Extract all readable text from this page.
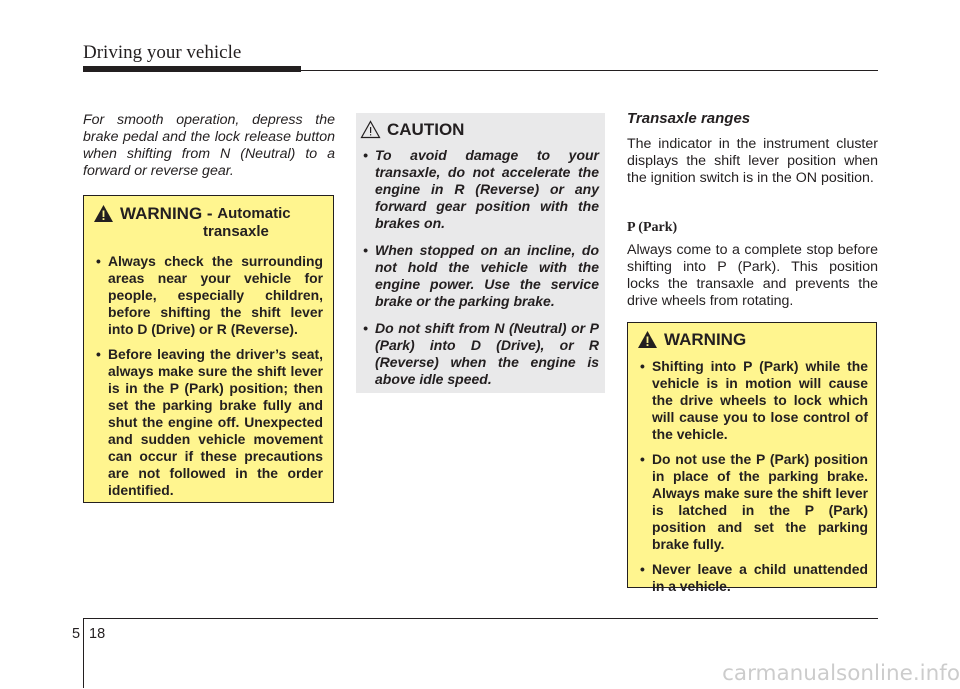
Driving your vehicle
For smooth operation, depress the brake pedal and the lock release button when shifting from N (Neutral) to a forward or reverse gear.
WARNING -
Automatic
transaxle
• Always check the surrounding areas near your vehicle for people, especially children, before shifting the shift lever into D (Drive) or R (Reverse).
• Before leaving the driver’s seat, always make sure the shift lever is in the P (Park) position; then set the parking brake fully and shut the engine off. Unexpected and sudden vehicle movement can occur if these precautions are not followed in the order identified.
CAUTION
• To avoid damage to your transaxle, do not accelerate the engine in R (Reverse) or any forward gear position with the brakes on.
• When stopped on an incline, do not hold the vehicle with the engine power. Use the service brake or the parking brake.
• Do not shift from N (Neutral) or P (Park) into D (Drive), or R (Reverse) when the engine is above idle speed.
Transaxle ranges
The indicator in the instrument cluster displays the shift lever position when the ignition switch is in the ON position.
P (Park)
Always come to a complete stop before shifting into P (Park). This position locks the transaxle and prevents the drive wheels from rotating.
WARNING
• Shifting into P (Park) while the vehicle is in motion will cause the drive wheels to lock which will cause you to lose control of the vehicle.
• Do not use the P (Park) position in place of the parking brake. Always make sure the shift lever is latched in the P (Park) position and set the parking brake fully.
• Never leave a child unattended in a vehicle.
5 18
carmanualsonline.info
